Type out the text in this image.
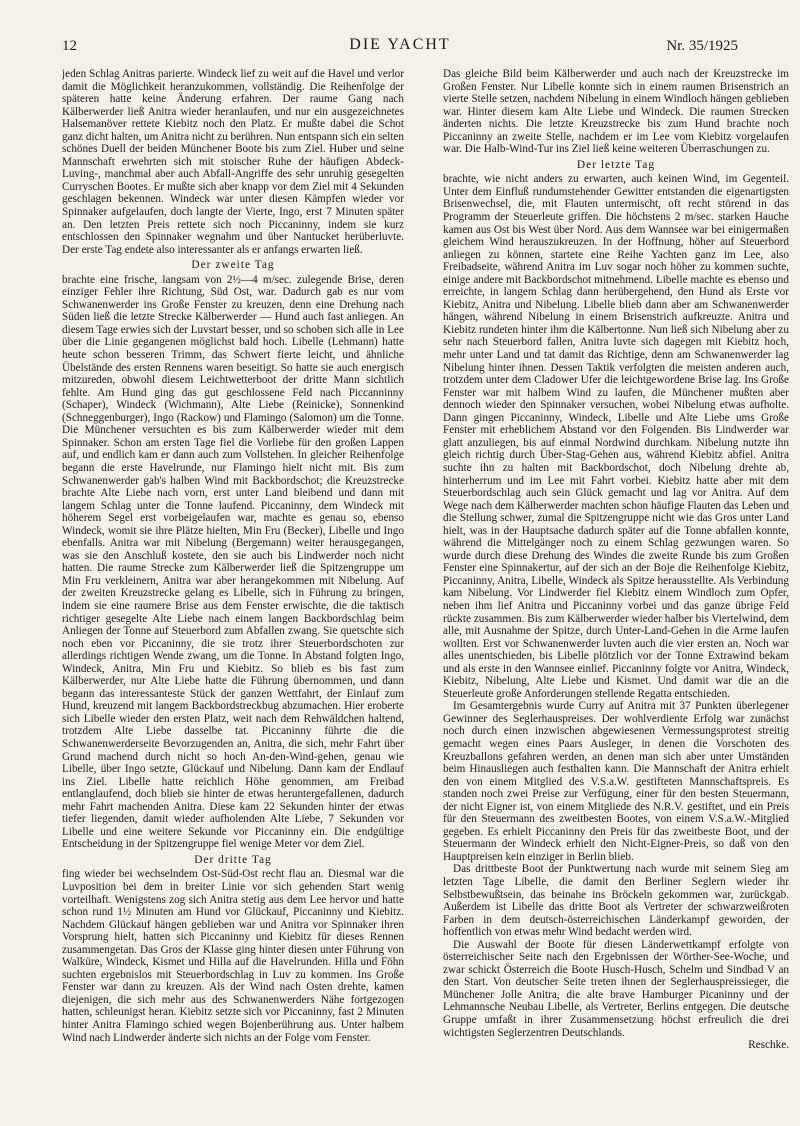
12	DIE YACHT	Nr. 35/1925

jeden Schlag Anitras parierte. Windeck lief zu weit auf die Havel und verlor damit die Möglichkeit heranzukommen, vollständig. Die Reihenfolge der späteren hatte keine Änderung erfahren. Der raume Gang nach Kälberwerder ließ Anitra wieder heranlaufen, und nur ein ausgezeichnetes Halsemanöver rettete Kiebitz noch den Platz. Er mußte dabei die Schot ganz dicht halten, um Anitra nicht zu berühren. Nun entspann sich ein selten schönes Duell der beiden Münchener Boote bis zum Ziel. Huber und seine Mannschaft erwehrten sich mit stoischer Ruhe der häufigen Abdeck-Luving-, manchmal aber auch Abfall-Angriffe des sehr unruhig gesegelten Curryschen Bootes. Er mußte sich aber knapp vor dem Ziel mit 4 Sekunden geschlagen bekennen. Windeck war unter diesen Kämpfen wieder vor Spinnaker aufgelaufen, doch langte der Vierte, Ingo, erst 7 Minuten später an. Den letzten Preis rettete sich noch Piccaninny, indem sie kurz entschlossen den Spinnaker wegnahm und über Nantucket herüberluvte. Der erste Tag endete also interessanter als er anfangs erwarten ließ.

Der zweite Tag

brachte eine frische, langsam von 2½—4 m/sec. zulegende Brise, deren einziger Fehler ihre Richtung, Süd Ost, war. Dadurch gab es nur vom Schwanenwerder ins Große Fenster zu kreuzen, denn eine Drehung nach Süden ließ die letzte Strecke Kälberwerder — Hund auch fast anliegen. An diesem Tage erwies sich der Luvstart besser, und so schoben sich alle in Lee über die Linie gegangenen möglichst bald hoch. Libelle (Lehmann) hatte heute schon besseren Trimm, das Schwert fierte leicht, und ähnliche Übelstände des ersten Rennens waren beseitigt. So hatte sie auch energisch mitzureden, obwohl diesem Leichtwetterboot der dritte Mann sichtlich fehlte. Am Hund ging das gut geschlossene Feld nach Piccanninny (Schaper), Windeck (Wichmann), Alte Liebe (Reinicke), Sonnenkind (Schneggenburger), Ingo (Rackow) und Flamingo (Salomon) um die Tonne. Die Münchener versuchten es bis zum Kälberwerder wieder mit dem Spinnaker. Schon am ersten Tage fiel die Vorliebe für den großen Lappen auf, und endlich kam er dann auch zum Vollstehen. In gleicher Reihenfolge begann die erste Havelrunde, nur Flamingo hielt nicht mit. Bis zum Schwanenwerder gab's halben Wind mit Backbordschot; die Kreuzstrecke brachte Alte Liebe nach vorn, erst unter Land bleibend und dann mit langem Schlag unter die Tonne laufend. Piccaninny, dem Windeck mit höherem Segel erst vorbeigelaufen war, machte es genau so, ebenso Windeck, womit sie ihre Plätze hielten, Min Fru (Becker), Libelle und Ingo ebenfalls. Anitra war mit Nibelung (Bergemann) weiter herausgegangen, was sie den Anschluß kostete, den sie auch bis Lindwerder noch nicht hatten. Die raume Strecke zum Kälberwerder ließ die Spitzengruppe um Min Fru verkleinern, Anitra war aber herangekommen mit Nibelung. Auf der zweiten Kreuzstrecke gelang es Libelle, sich in Führung zu bringen, indem sie eine raumere Brise aus dem Fenster erwischte, die die taktisch richtiger gesegelte Alte Liebe nach einem langen Backbordschlag beim Anliegen der Tonne auf Steuerbord zum Abfallen zwang. Sie quetschte sich noch eben vor Piccaninny, die sie trotz ihrer Steuerbordschoten zur allerdings richtigen Wende zwang, um die Tonne. In Abstand folgten Ingo, Windeck, Anitra, Min Fru und Kiebitz. So blieb es bis fast zum Kälberwerder, nur Alte Liebe hatte die Führung übernommen, und dann begann das interessanteste Stück der ganzen Wettfahrt, der Einlauf zum Hund, kreuzend mit langem Backbordstreckbug abzumachen. Hier eroberte sich Libelle wieder den ersten Platz, weit nach dem Rehwäldchen haltend, trotzdem Alte Liebe dasselbe tat. Piccaninny führte die die Schwanenwerderseite Bevorzugenden an, Anitra, die sich, mehr Fahrt über Grund machend durch nicht so hoch An-den-Wind-gehen, genau wie Libelle, über Ingo setzte, Glückauf und Nibelung. Dann kam der Endlauf ins Ziel. Libelle hatte reichlich Höhe genommen, am Freibad entlanglaufend, doch blieb sie hinter de etwas heruntergefallenen, dadurch mehr Fahrt machenden Anitra. Diese kam 22 Sekunden hinter der etwas tiefer liegenden, damit wieder aufholenden Alte Liebe, 7 Sekunden vor Libelle und eine weitere Sekunde vor Piccaninny ein. Die endgültige Entscheidung in der Spitzengruppe fiel wenige Meter vor dem Ziel.

Der dritte Tag

fing wieder bei wechselndem Ost-Süd-Ost recht flau an. Diesmal war die Luvposition bei dem in breiter Linie vor sich gehenden Start wenig vorteilhaft. Wenigstens zog sich Anitra stetig aus dem Lee hervor und hatte schon rund 1½ Minuten am Hund vor Glückauf, Piccaninny und Kiebitz. Nachdem Glückauf hängen geblieben war und Anitra vor Spinnaker ihren Vorsprung hielt, hatten sich Piccaninny und Kiebitz für dieses Rennen zusammengetan. Das Gros der Klasse ging hinter diesen unter Führung von Walküre, Windeck, Kismet und Hilla auf die Havelrunden. Hilla und Föhn suchten ergebnislos mit Steuerbordschlag in Luv zu kommen. Ins Große Fenster war dann zu kreuzen. Als der Wind nach Osten drehte, kamen diejenigen, die sich mehr aus des Schwanenwerders Nähe fortgezogen hatten, schleunigst heran. Kiebitz setzte sich vor Piccaninny, fast 2 Minuten hinter Anitra Flamingo schied wegen Bojenberührung aus. Unter halbem Wind nach Lindwerder änderte sich nichts an der Folge vom Fenster.

Das gleiche Bild beim Kälberwerder und auch nach der Kreuzstrecke im Großen Fenster. Nur Libelle konnte sich in einem raumen Brisenstrich an vierte Stelle setzen, nachdem Nibelung in einem Windloch hängen geblieben war. Hinter diesem kam Alte Liebe und Windeck. Die raumen Strecken änderten nichts. Die letzte Kreuzstrecke bis zum Hund brachte noch Piccaninny an zweite Stelle, nachdem er im Lee vom Kiebitz vorgelaufen war. Die Halb-Wind-Tur ins Ziel ließ keine weiteren Überraschungen zu.

Der letzte Tag

brachte, wie nicht anders zu erwarten, auch keinen Wind, im Gegenteil. Unter dem Einfluß rundumstehender Gewitter entstanden die eigenartigsten Brisenwechsel, die, mit Flauten untermischt, oft recht störend in das Programm der Steuerleute griffen. Die höchstens 2 m/sec. starken Hauche kamen aus Ost bis West über Nord. Aus dem Wannsee war bei einigermaßen gleichem Wind herauszukreuzen. In der Hoffnung, höher auf Steuerbord anliegen zu können, startete eine Reihe Yachten ganz im Lee, also Freibadseite, während Anitra im Luv sogar noch höher zu kommen suchte, einige andere mit Backbordschot mitnehmend. Libelle machte es ebenso und erreichte, in langem Schlag dann herübergehend, den Hund als Erste vor Kiebitz, Anitra und Nibelung. Libelle blieb dann aber am Schwanenwerder hängen, während Nibelung in einem Brisenstrich aufkreuzte. Anitra und Kiebitz rundeten hinter ihm die Kälbertonne. Nun ließ sich Nibelung aber zu sehr nach Steuerbord fallen, Anitra luvte sich dagegen mit Kiebitz hoch, mehr unter Land und tat damit das Richtige, denn am Schwanenwerder lag Nibelung hinter ihnen. Dessen Taktik verfolgten die meisten anderen auch, trotzdem unter dem Cladower Ufer die leichtgewordene Brise lag. Ins Große Fenster war mit halbem Wind zu laufen, die Münchener mußten aber dennoch wieder den Spinnaker versuchen, wobei Nibelung etwas aufholte. Dann gingen Piccaninny, Windeck, Libelle und Alte Liebe ums Große Fenster mit erheblichem Abstand vor den Folgenden. Bis Lindwerder war glatt anzuliegen, bis auf einmal Nordwind durchkam. Nibelung nutzte ihn gleich richtig durch Über-Stag-Gehen aus, während Kiebitz abfiel. Anitra suchte ihn zu halten mit Backbordschot, doch Nibelung drehte ab, hinterherrum und im Lee mit Fahrt vorbei. Kiebitz hatte aber mit dem Steuerbordschlag auch sein Glück gemacht und lag vor Anitra. Auf dem Wege nach dem Kälberwerder machten schon häufige Flauten das Leben und die Stellung schwer, zumal die Spitzengruppe nicht wie das Gros unter Land hielt, was in der Hauptsache dadurch später auf die Tonne abfallen konnte, während die Mittelgänger noch zu einem Schlag gezwungen waren. So wurde durch diese Drehung des Windes die zweite Runde bis zum Großen Fenster eine Spinnakertur, auf der sich an der Boje die Reihenfolge Kiebitz, Piccaninny, Anitra, Libelle, Windeck als Spitze herausstellte. Als Verbindung kam Nibelung. Vor Lindwerder fiel Kiebitz einem Windloch zum Opfer, neben ihm lief Anitra und Piccaninny vorbei und das ganze übrige Feld rückte zusammen. Bis zum Kälberwerder wieder halber bis Viertelwind, dem alle, mit Ausnahme der Spitze, durch Unter-Land-Gehen in die Arme laufen wollten. Erst vor Schwanenwerder luvten auch die vier ersten an. Noch war alles unentschieden, bis Libelle plötzlich vor der Tonne Extrawind bekam und als erste in den Wannsee einlief. Piccaninny folgte vor Anitra, Windeck, Kiebitz, Nibelung, Alte Liebe und Kismet. Und damit war die an die Steuerleute große Anforderungen stellende Regatta entschieden.

Im Gesamtergebnis wurde Curry auf Anitra mit 37 Punkten überlegener Gewinner des Seglerhauspreises. Der wohlverdiente Erfolg war zunächst noch durch einen inzwischen abgewiesenen Vermessungsprotest streitig gemacht wegen eines Paars Ausleger, in denen die Vorschoten des Kreuzballons gefahren werden, an denen man sich aber unter Umständen beim Hinausliegen auch festhalten kann. Die Mannschaft der Anitra erhielt den von einem Mitglied des V.S.a.W. gestifteten Mannschaftspreis. Es standen noch zwei Preise zur Verfügung, einer für den besten Steuermann, der nicht Eigner ist, von einem Mitgliede des N.R.V. gestiftet, und ein Preis für den Steuermann des zweitbesten Bootes, von einem V.S.a.W.-Mitglied gegeben. Es erhielt Piccaninny den Preis für das zweitbeste Boot, und der Steuermann der Windeck erhielt den Nicht-Eigner-Preis, so daß von den Hauptpreisen kein einziger in Berlin blieb.

Das drittbeste Boot der Punktwertung nach wurde mit seinem Sieg am letzten Tage Libelle, die damit den Berliner Seglern wieder ihr Selbstbewußtsein, das beinahe ins Bröckeln gekommen war, zurückgab. Außerdem ist Libelle das dritte Boot als Vertreter der schwarzweißroten Farben in dem deutsch-österreichischen Länderkampf geworden, der hoffentlich von etwas mehr Wind bedacht werden wird.

Die Auswahl der Boote für diesen Länderwettkampf erfolgte von österreichischer Seite nach den Ergebnissen der Wörther-See-Woche, und zwar schickt Österreich die Boote Husch-Husch, Schelm und Sindbad V an den Start. Von deutscher Seite treten ihnen der Seglerhauspreissieger, die Münchener Jolle Anitra, die alte brave Hamburger Picaninny und der Lehmannsche Neubau Libelle, als Vertreter, Berlins entgegen. Die deutsche Gruppe umfaßt in ihrer Zusammensetzung höchst erfreulich die drei wichtigsten Seglerzentren Deutschlands.

Reschke.
